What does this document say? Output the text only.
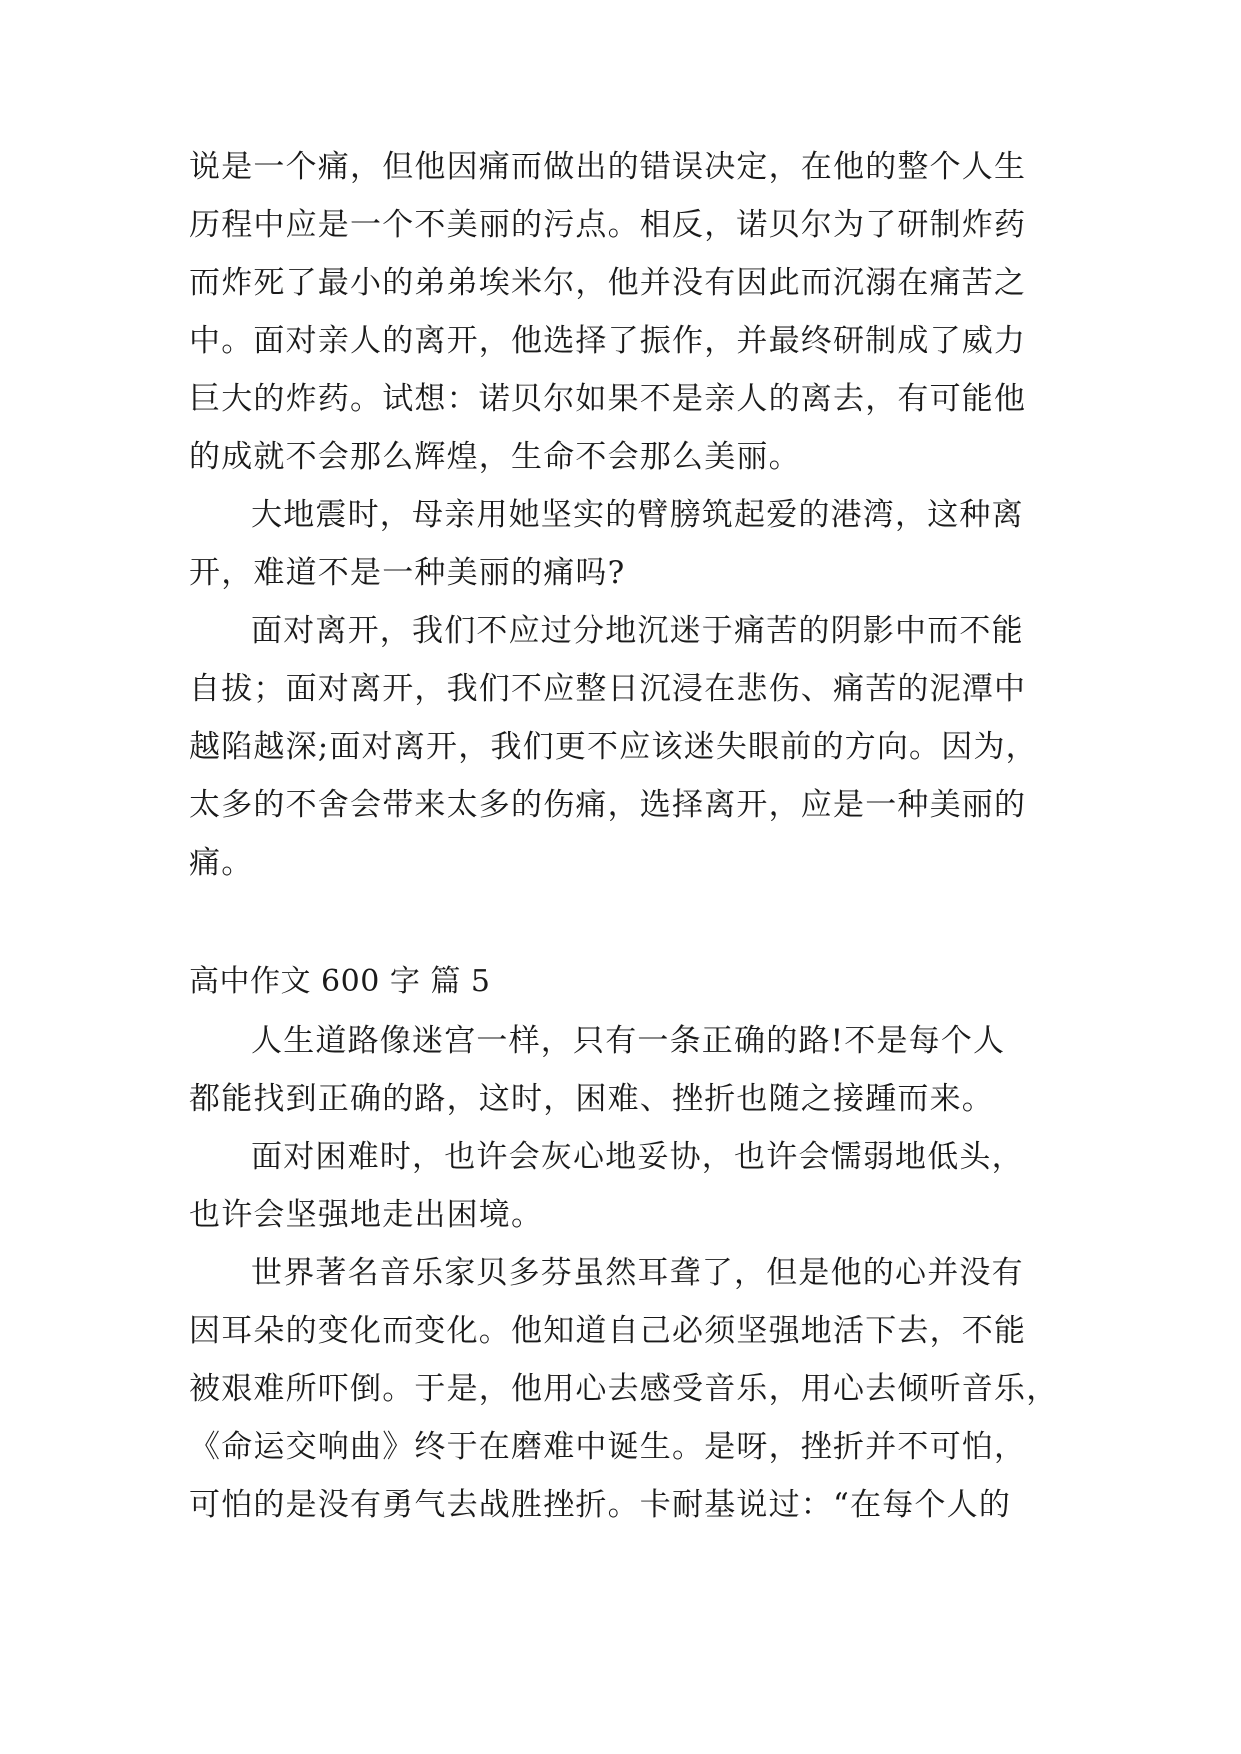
说是一个痛，但他因痛而做出的错误决定，在他的整个人生
历程中应是一个不美丽的污点。相反，诺贝尔为了研制炸药
而炸死了最小的弟弟埃米尔，他并没有因此而沉溺在痛苦之
中。面对亲人的离开，他选择了振作，并最终研制成了威力
巨大的炸药。试想：诺贝尔如果不是亲人的离去，有可能他
的成就不会那么辉煌，生命不会那么美丽。
大地震时，母亲用她坚实的臂膀筑起爱的港湾，这种离
开，难道不是一种美丽的痛吗?
面对离开，我们不应过分地沉迷于痛苦的阴影中而不能
自拔；面对离开，我们不应整日沉浸在悲伤、痛苦的泥潭中
越陷越深;面对离开，我们更不应该迷失眼前的方向。因为，
太多的不舍会带来太多的伤痛，选择离开，应是一种美丽的
痛。
高中作文 600 字 篇 5
人生道路像迷宫一样，只有一条正确的路!不是每个人
都能找到正确的路，这时，困难、挫折也随之接踵而来。
面对困难时，也许会灰心地妥协，也许会懦弱地低头，
也许会坚强地走出困境。
世界著名音乐家贝多芬虽然耳聋了，但是他的心并没有
因耳朵的变化而变化。他知道自己必须坚强地活下去，不能
被艰难所吓倒。于是，他用心去感受音乐，用心去倾听音乐，
《命运交响曲》终于在磨难中诞生。是呀，挫折并不可怕，
可怕的是没有勇气去战胜挫折。卡耐基说过：“在每个人的
